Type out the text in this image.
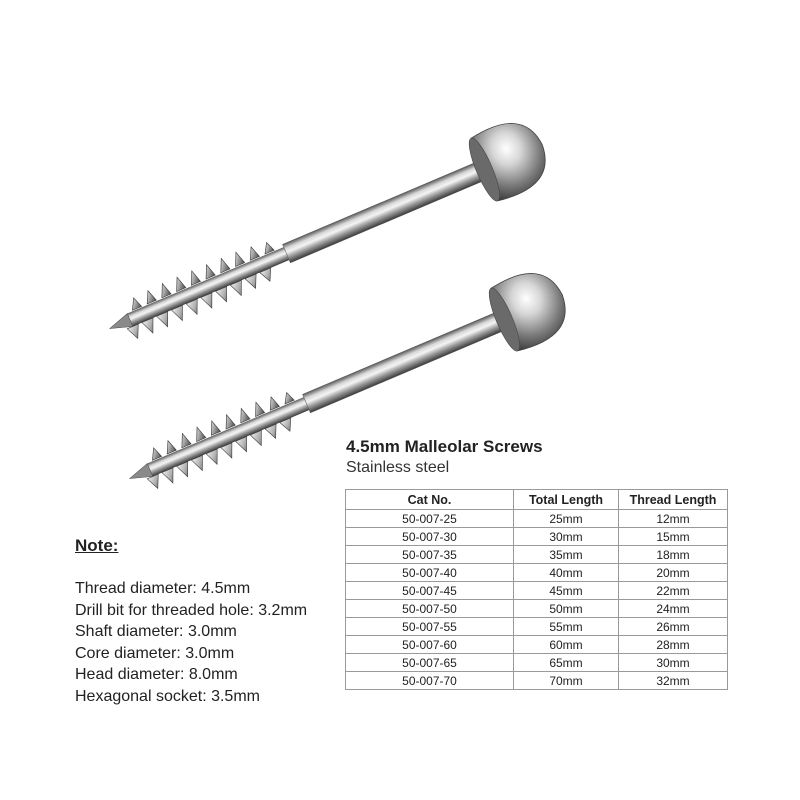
4.5mm Malleolar Screws
Stainless steel
Cat No.	Total Length	Thread Length
50-007-25	25mm	12mm
50-007-30	30mm	15mm
50-007-35	35mm	18mm
50-007-40	40mm	20mm
50-007-45	45mm	22mm
50-007-50	50mm	24mm
50-007-55	55mm	26mm
50-007-60	60mm	28mm
50-007-65	65mm	30mm
50-007-70	70mm	32mm
Note:
Thread diameter: 4.5mm
Drill bit for threaded hole: 3.2mm
Shaft diameter: 3.0mm
Core diameter: 3.0mm
Head diameter: 8.0mm
Hexagonal socket: 3.5mm
